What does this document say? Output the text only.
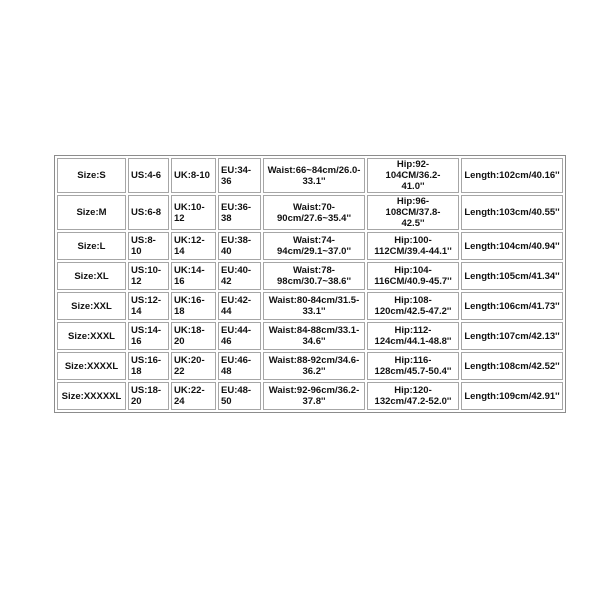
Size:S	US:4-6	UK:8-10	EU:34-
36	Waist:66~84cm/26.0-
33.1''	Hip:92-104CM/36.2-
41.0''	Length:102cm/40.16''
Size:M	US:6-8	UK:10-
12	EU:36-
38	Waist:70-
90cm/27.6~35.4''	Hip:96-108CM/37.8-
42.5''	Length:103cm/40.55''
Size:L	US:8-10	UK:12-
14	EU:38-
40	Waist:74-
94cm/29.1~37.0''	Hip:100-
112CM/39.4-44.1''	Length:104cm/40.94''
Size:XL	US:10-
12	UK:14-
16	EU:40-
42	Waist:78-
98cm/30.7~38.6''	Hip:104-
116CM/40.9-45.7''	Length:105cm/41.34''
Size:XXL	US:12-
14	UK:16-
18	EU:42-
44	Waist:80-84cm/31.5-
33.1''	Hip:108-
120cm/42.5-47.2''	Length:106cm/41.73''
Size:XXXL	US:14-
16	UK:18-
20	EU:44-
46	Waist:84-88cm/33.1-
34.6''	Hip:112-
124cm/44.1-48.8''	Length:107cm/42.13''
Size:XXXXL	US:16-
18	UK:20-
22	EU:46-
48	Waist:88-92cm/34.6-
36.2''	Hip:116-
128cm/45.7-50.4''	Length:108cm/42.52''
Size:XXXXXL	US:18-
20	UK:22-
24	EU:48-
50	Waist:92-96cm/36.2-
37.8''	Hip:120-
132cm/47.2-52.0''	Length:109cm/42.91''
